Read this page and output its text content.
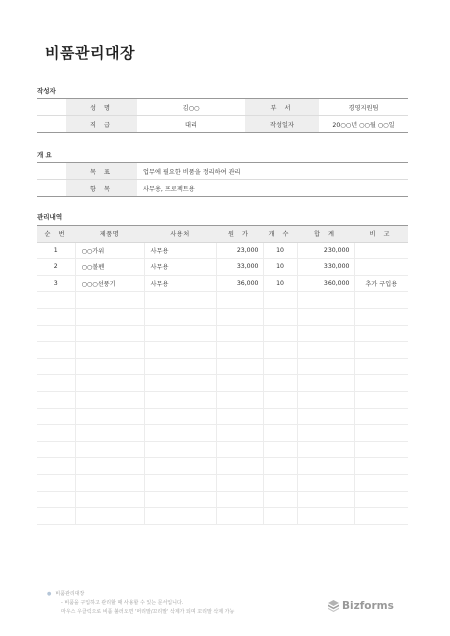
비품관리대장
작성자
	성 명	김○○	부 서	경영지원팀
	직 급	대리	작성일자	20○○년 ○○월 ○○일
개 요
	목 표	업무에 필요한 비품을 정리하여 관리
	항 목	사무용, 프로젝트용
관리내역
순 번	제품명	사용처	원 가	개 수	합 계	비 고
1	○○가위	사무용	23,000	10	230,000	
2	○○볼펜	사무용	33,000	10	330,000	
3	○○○선풍기	사무용	36,000	10	360,000	추가 구입용

● 비품관리대장
- 비품을 구입하고 관리할 때 사용할 수 있는 문서입니다.
마우스 우클릭으로 비품 불러오면 '머리말/꼬리말' 삭제가 되며 꼬리말 삭제 가능	Bizforms
